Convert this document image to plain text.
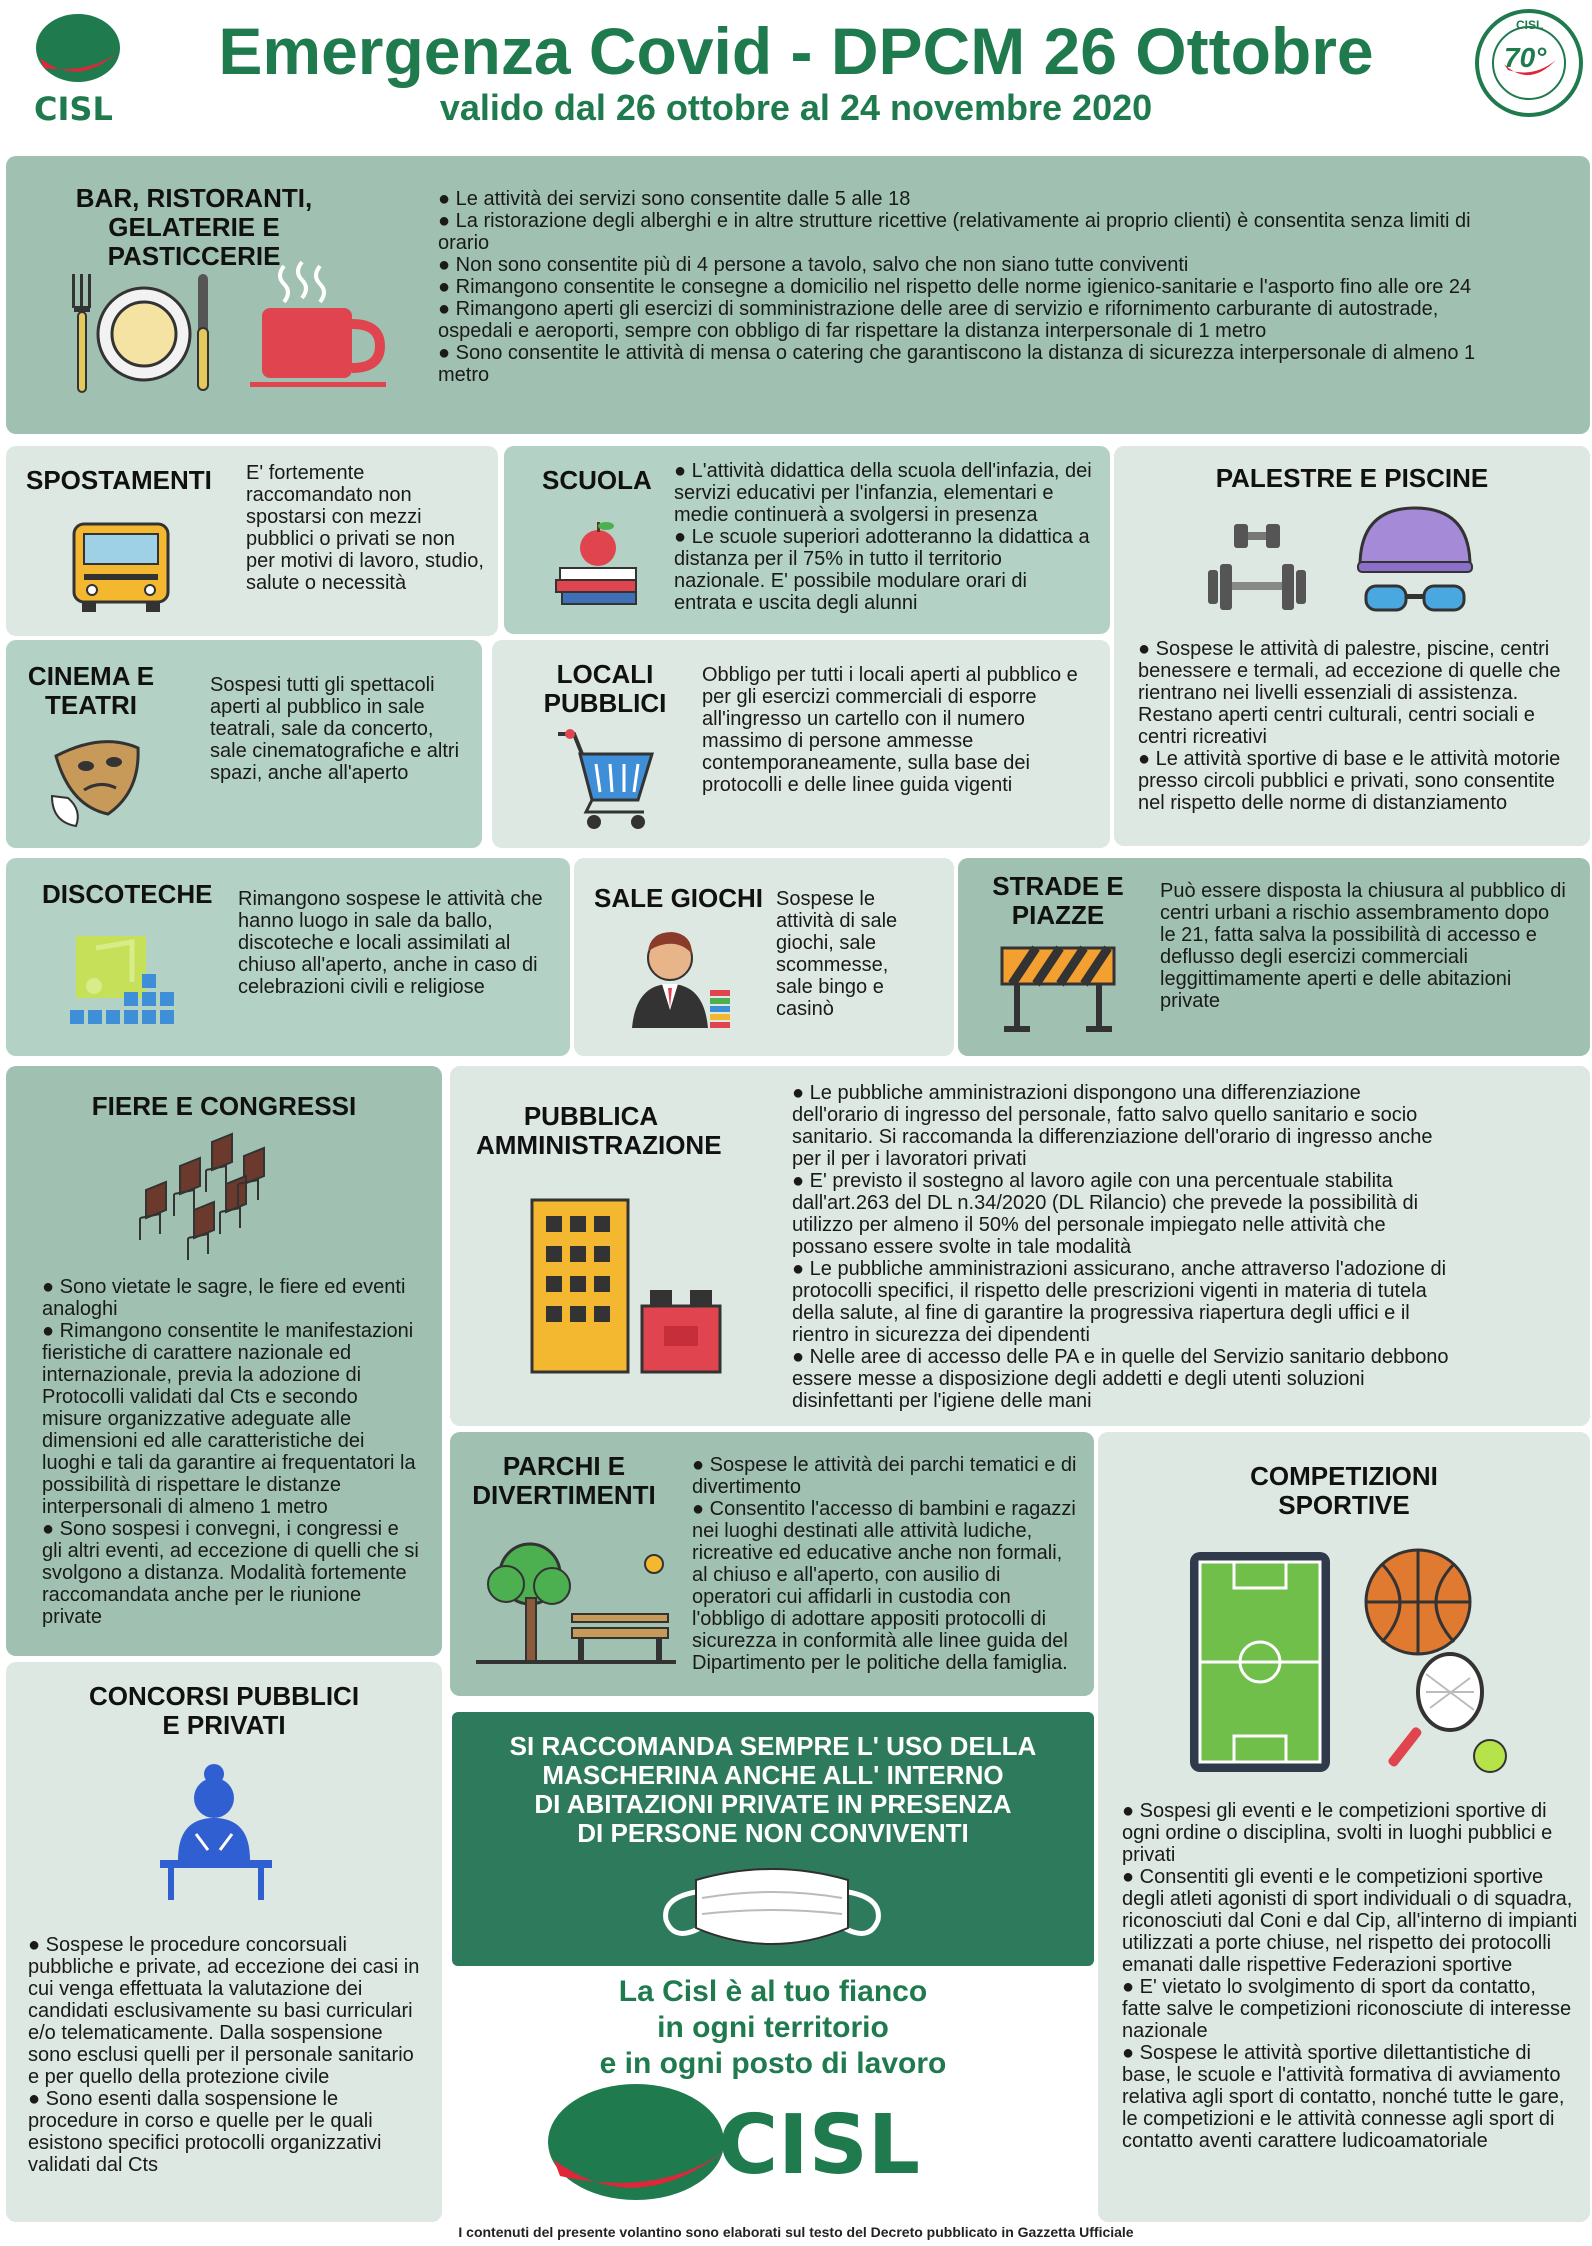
CISL
Emergenza Covid - DPCM 26 Ottobre
valido dal 26 ottobre al 24 novembre 2020
CISL
70°
BAR, RISTORANTI,
GELATERIE E PASTICCERIE
● Le attività dei servizi sono consentite dalle 5 alle 18
● La ristorazione degli alberghi e in altre strutture ricettive (relativamente ai proprio clienti) è consentita senza limiti di orario
● Non sono consentite più di 4 persone a tavolo, salvo che non siano tutte conviventi
● Rimangono consentite le consegne a domicilio nel rispetto delle norme igienico-sanitarie e l'asporto fino alle ore 24
● Rimangono aperti gli esercizi di somministrazione delle aree di servizio e rifornimento carburante di autostrade, ospedali e aeroporti, sempre con obbligo di far rispettare la distanza interpersonale di 1 metro
● Sono consentite le attività di mensa o catering che garantiscono la distanza di sicurezza interpersonale di almeno 1 metro
SPOSTAMENTI E' fortemente raccomandato non spostarsi con mezzi pubblici o privati se non per motivi di lavoro, studio, salute o necessità
SCUOLA
●	L'attività didattica della scuola dell'infazia, dei servizi educativi per l'infanzia, elementari e medie continuerà a svolgersi in presenza
● Le scuole superiori adotteranno la didattica a distanza per il 75% in tutto il territorio nazionale. E' possibile modulare orari di entrata e uscita degli alunni
PALESTRE E PISCINE
● Sospese le attività di palestre, piscine, centri benessere e termali, ad eccezione di quelle che rientrano nei livelli essenziali di assistenza. Restano aperti centri culturali, centri sociali e centri ricreativi
● Le attività sportive di base e le attività motorie presso circoli pubblici e privati, sono consentite nel rispetto delle norme di distanziamento
CINEMA E
TEATRI
Sospesi tutti gli spettacoli aperti al pubblico in sale teatrali, sale da concerto, sale cinematografiche e altri spazi, anche all'aperto
LOCALI
PUBBLICI
Obbligo per tutti i locali aperti al pubblico e per gli esercizi commerciali di esporre all'ingresso un cartello con il numero massimo di persone ammesse contemporaneamente, sulla base dei protocolli e delle linee guida vigenti
DISCOTECHE Rimangono sospese le attività che hanno luogo in sale da ballo, discoteche e locali assimilati al chiuso all'aperto, anche in caso di celebrazioni civili e religiose
SALE GIOCHI Sospese le attività di sale giochi, sale scommesse, sale bingo e casinò
STRADE E
PIAZZE
Può essere disposta la chiusura al pubblico di centri urbani a rischio assembramento dopo le 21, fatta salva la possibilità di accesso e deflusso degli esercizi commerciali leggittimamente aperti e delle abitazioni private
FIERE E CONGRESSI
● Sono vietate le sagre, le fiere ed eventi analoghi
● Rimangono consentite le manifestazioni fieristiche di carattere nazionale ed internazionale, previa la adozione di Protocolli validati dal Cts e secondo misure organizzative adeguate alle dimensioni ed alle caratteristiche dei luoghi e tali da garantire ai frequentatori la possibilità di rispettare le distanze interpersonali di almeno 1 metro
● Sono sospesi i convegni, i congressi e gli altri eventi, ad eccezione di quelli che si svolgono a distanza. Modalità fortemente raccomandata anche per le riunione private
PUBBLICA
AMMINISTRAZIONE
● Le pubbliche amministrazioni dispongono una differenziazione dell'orario di ingresso del personale, fatto salvo quello sanitario e socio sanitario. Si raccomanda la differenziazione dell'orario di ingresso anche per il per i lavoratori privati
● E' previsto il sostegno al lavoro agile con una percentuale stabilita dall'art.263 del DL n.34/2020 (DL Rilancio) che prevede la possibilità di utilizzo per almeno il 50% del personale impiegato nelle attività che possano essere svolte in tale modalità
● Le pubbliche amministrazioni assicurano, anche attraverso l'adozione di protocolli specifici, il rispetto delle prescrizioni vigenti in materia di tutela della salute, al fine di garantire la progressiva riapertura degli uffici e il rientro in sicurezza dei dipendenti
● Nelle aree di accesso delle PA e in quelle del Servizio sanitario debbono essere messe a disposizione degli addetti e degli utenti soluzioni disinfettanti per l'igiene delle mani
PARCHI E
DIVERTIMENTI
● Sospese le attività dei parchi tematici e di divertimento
● Consentito l'accesso di bambini e ragazzi nei luoghi destinati alle attività ludiche, ricreative ed educative anche non formali, al chiuso e all'aperto, con ausilio di operatori cui affidarli in custodia con l'obbligo di adottare appositi protocolli di sicurezza in conformità alle linee guida del Dipartimento per le politiche della famiglia.
COMPETIZIONI
SPORTIVE
● Sospesi gli eventi e le competizioni sportive di ogni ordine o disciplina, svolti in luoghi pubblici e privati
● Consentiti gli eventi e le competizioni sportive degli atleti agonisti di sport individuali o di squadra, riconosciuti dal Coni e dal Cip, all'interno di impianti utilizzati a porte chiuse, nel rispetto dei protocolli emanati dalle rispettive Federazioni sportive
● E' vietato lo svolgimento di sport da contatto, fatte salve le competizioni riconosciute di interesse nazionale
● Sospese le attività sportive dilettantistiche di base, le scuole e l'attività formativa di avviamento relativa agli sport di contatto, nonché tutte le gare, le competizioni e le attività connesse agli sport di contatto aventi carattere ludicoamatoriale
CONCORSI PUBBLICI
E PRIVATI
● Sospese le procedure concorsuali pubbliche e private, ad eccezione dei casi in cui venga effettuata la valutazione dei candidati esclusivamente su basi curriculari e/o telematicamente. Dalla sospensione sono esclusi quelli per il personale sanitario e per quello della protezione civile
● Sono esenti dalla sospensione le procedure in corso e quelle per le quali esistono specifici protocolli organizzativi validati dal Cts
SI RACCOMANDA SEMPRE L' USO DELLA
MASCHERINA ANCHE ALL' INTERNO
DI ABITAZIONI PRIVATE IN PRESENZA
DI PERSONE NON CONVIVENTI
La Cisl è al tuo fianco
in ogni territorio
e in ogni posto di lavoro
CISL
I contenuti del presente volantino sono elaborati sul testo del Decreto pubblicato in Gazzetta Ufficiale
